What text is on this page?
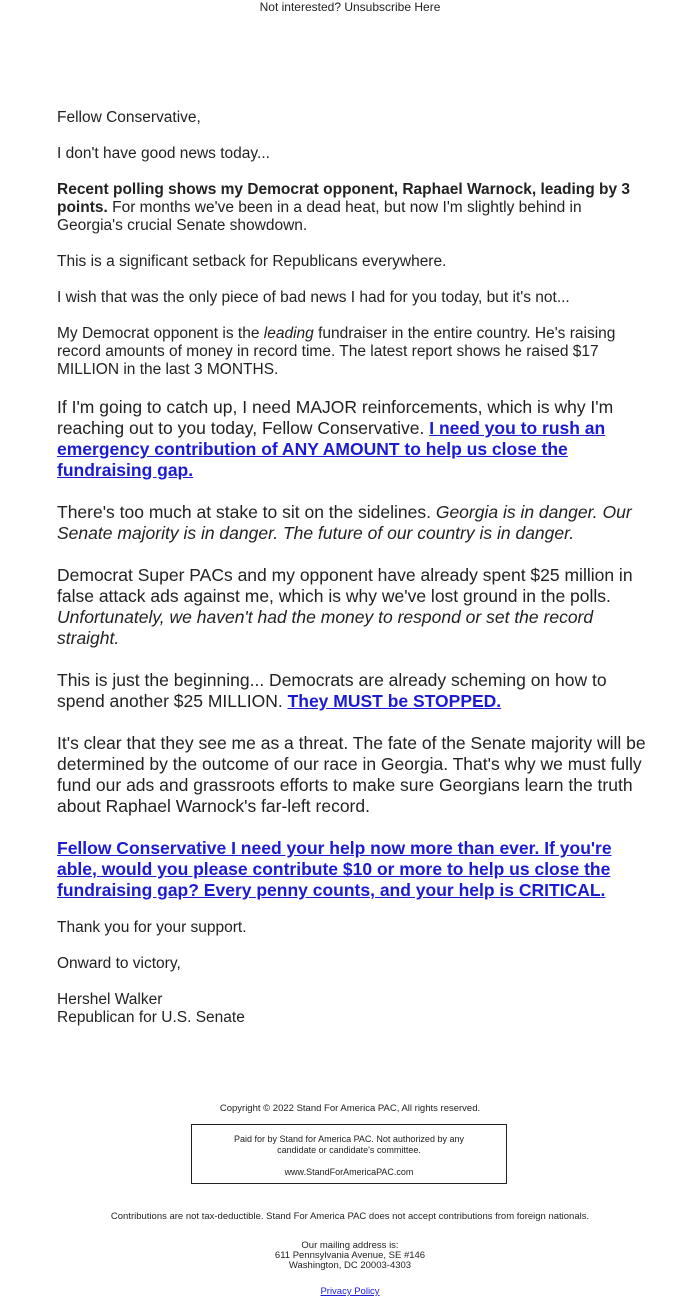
Not interested? Unsubscribe Here

Fellow Conservative,

I don't have good news today...

Recent polling shows my Democrat opponent, Raphael Warnock, leading by 3 points. For months we've been in a dead heat, but now I'm slightly behind in Georgia's crucial Senate showdown.

This is a significant setback for Republicans everywhere.

I wish that was the only piece of bad news I had for you today, but it's not...

My Democrat opponent is the leading fundraiser in the entire country. He's raising record amounts of money in record time. The latest report shows he raised $17 MILLION in the last 3 MONTHS.

If I'm going to catch up, I need MAJOR reinforcements, which is why I'm reaching out to you today, Fellow Conservative. I need you to rush an emergency contribution of ANY AMOUNT to help us close the fundraising gap.

There's too much at stake to sit on the sidelines. Georgia is in danger. Our Senate majority is in danger. The future of our country is in danger.

Democrat Super PACs and my opponent have already spent $25 million in false attack ads against me, which is why we've lost ground in the polls. Unfortunately, we haven't had the money to respond or set the record straight.

This is just the beginning... Democrats are already scheming on how to spend another $25 MILLION. They MUST be STOPPED.

It's clear that they see me as a threat. The fate of the Senate majority will be determined by the outcome of our race in Georgia. That's why we must fully fund our ads and grassroots efforts to make sure Georgians learn the truth about Raphael Warnock's far-left record.

Fellow Conservative I need your help now more than ever. If you're able, would you please contribute $10 or more to help us close the fundraising gap? Every penny counts, and your help is CRITICAL.

Thank you for your support.

Onward to victory,

Hershel Walker

Republican for U.S. Senate

Copyright © 2022 Stand For America PAC, All rights reserved.
Paid for by Stand for America PAC. Not authorized by any
candidate or candidate's committee.
www.StandForAmericaPAC.com
Contributions are not tax-deductible. Stand For America PAC does not accept contributions from foreign nationals.
Our mailing address is:
611 Pennsylvania Avenue, SE #146
Washington, DC 20003-4303
Privacy Policy
